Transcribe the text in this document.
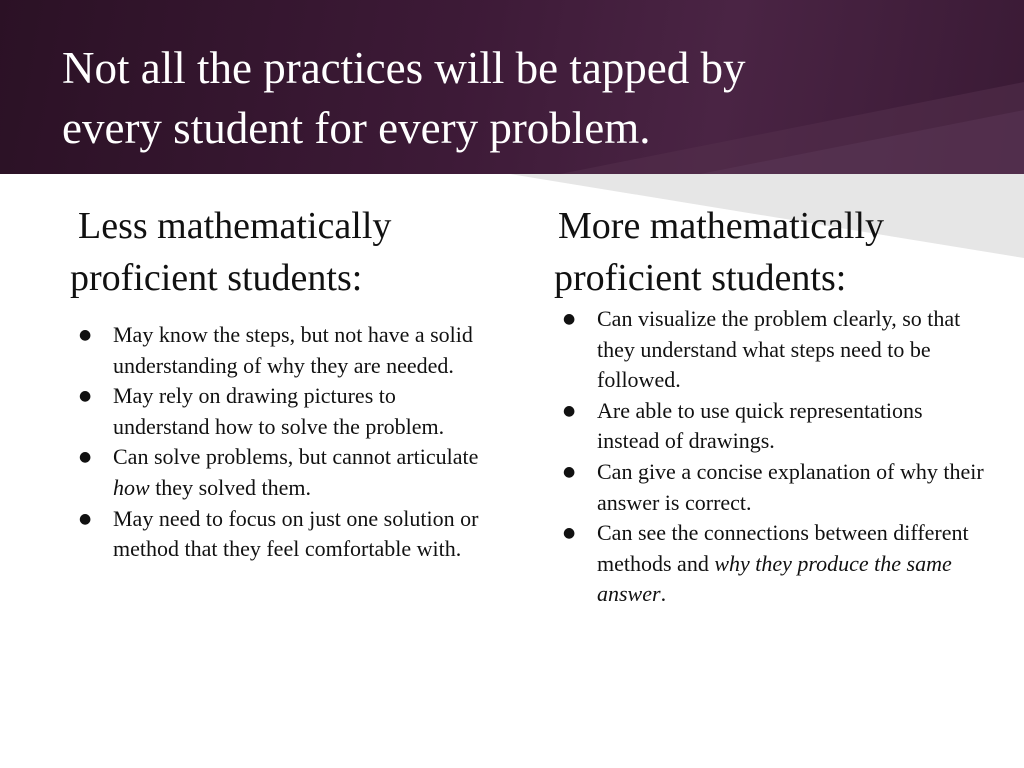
Not all the practices will be tapped by
every student for every problem.
Less mathematically
proficient students:
● May know the steps, but not have a solid understanding of why they are needed.
● May rely on drawing pictures to understand how to solve the problem.
● Can solve problems, but cannot articulate how they solved them.
● May need to focus on just one solution or method that they feel comfortable with.
More mathematically
proficient students:
● Can visualize the problem clearly, so that they understand what steps need to be followed.
● Are able to use quick representations instead of drawings.
● Can give a concise explanation of why their answer is correct.
● Can see the connections between different methods and why they produce the same answer.
